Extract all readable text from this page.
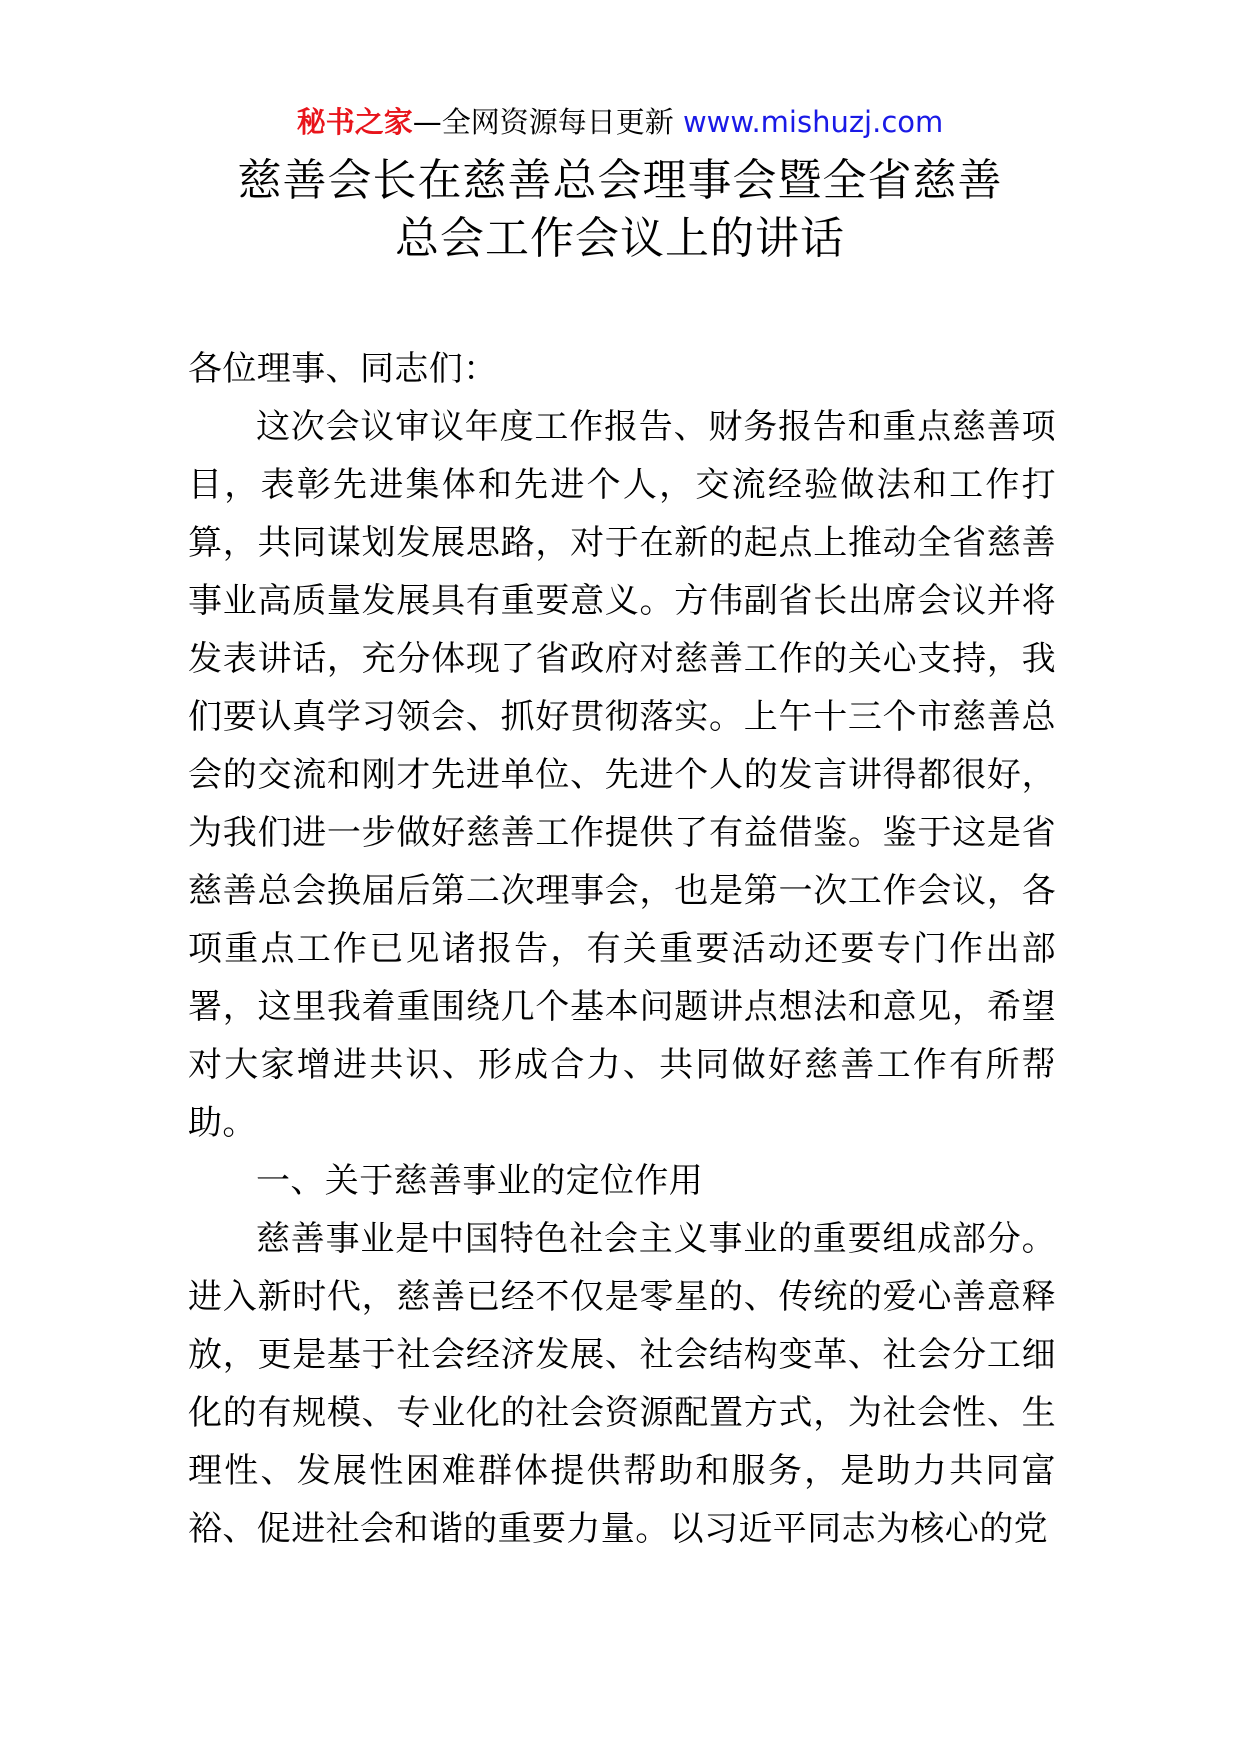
秘书之家—全网资源每日更新 www.mishuzj.com
慈善会长在慈善总会理事会暨全省慈善
总会工作会议上的讲话

各位理事、同志们：

这次会议审议年度工作报告、财务报告和重点慈善项目，表彰先进集体和先进个人，交流经验做法和工作打算，共同谋划发展思路，对于在新的起点上推动全省慈善事业高质量发展具有重要意义。方伟副省长出席会议并将发表讲话，充分体现了省政府对慈善工作的关心支持，我们要认真学习领会、抓好贯彻落实。上午十三个市慈善总会的交流和刚才先进单位、先进个人的发言讲得都很好，为我们进一步做好慈善工作提供了有益借鉴。鉴于这是省慈善总会换届后第二次理事会，也是第一次工作会议，各项重点工作已见诸报告，有关重要活动还要专门作出部署，这里我着重围绕几个基本问题讲点想法和意见，希望对大家增进共识、形成合力、共同做好慈善工作有所帮助。

一、关于慈善事业的定位作用

慈善事业是中国特色社会主义事业的重要组成部分。进入新时代，慈善已经不仅是零星的、传统的爱心善意释放，更是基于社会经济发展、社会结构变革、社会分工细化的有规模、专业化的社会资源配置方式，为社会性、生理性、发展性困难群体提供帮助和服务，是助力共同富裕、促进社会和谐的重要力量。以习近平同志为核心的党
